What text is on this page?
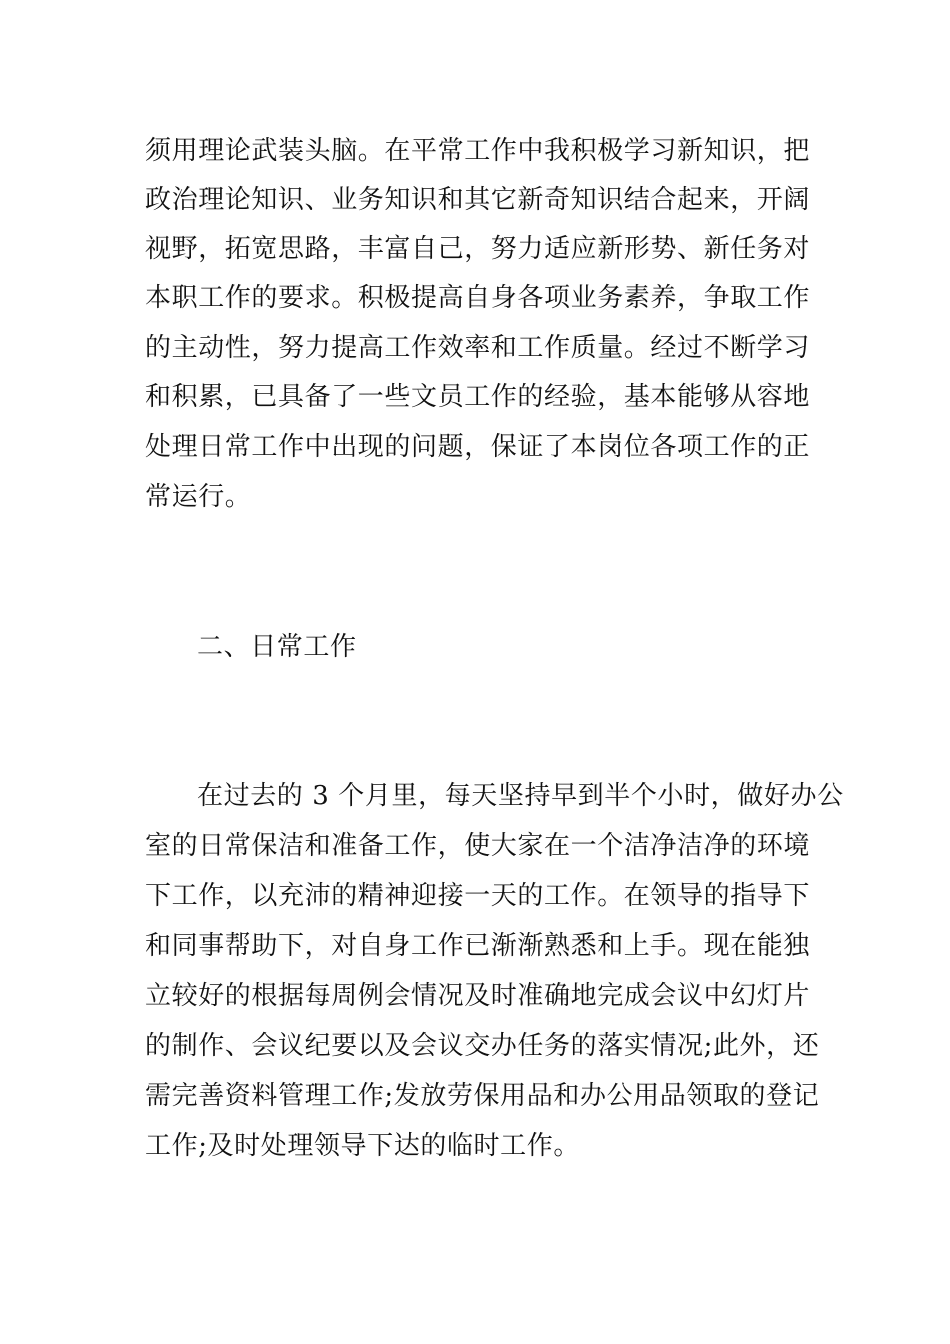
须用理论武装头脑。在平常工作中我积极学习新知识，把
政治理论知识、业务知识和其它新奇知识结合起来，开阔
视野，拓宽思路，丰富自己，努力适应新形势、新任务对
本职工作的要求。积极提高自身各项业务素养，争取工作
的主动性，努力提高工作效率和工作质量。经过不断学习
和积累，已具备了一些文员工作的经验，基本能够从容地
处理日常工作中出现的问题，保证了本岗位各项工作的正
常运行。
二、日常工作
在过去的 3 个月里，每天坚持早到半个小时，做好办公
室的日常保洁和准备工作，使大家在一个洁净洁净的环境
下工作，以充沛的精神迎接一天的工作。在领导的指导下
和同事帮助下，对自身工作已渐渐熟悉和上手。现在能独
立较好的根据每周例会情况及时准确地完成会议中幻灯片
的制作、会议纪要以及会议交办任务的落实情况;此外，还
需完善资料管理工作;发放劳保用品和办公用品领取的登记
工作;及时处理领导下达的临时工作。
